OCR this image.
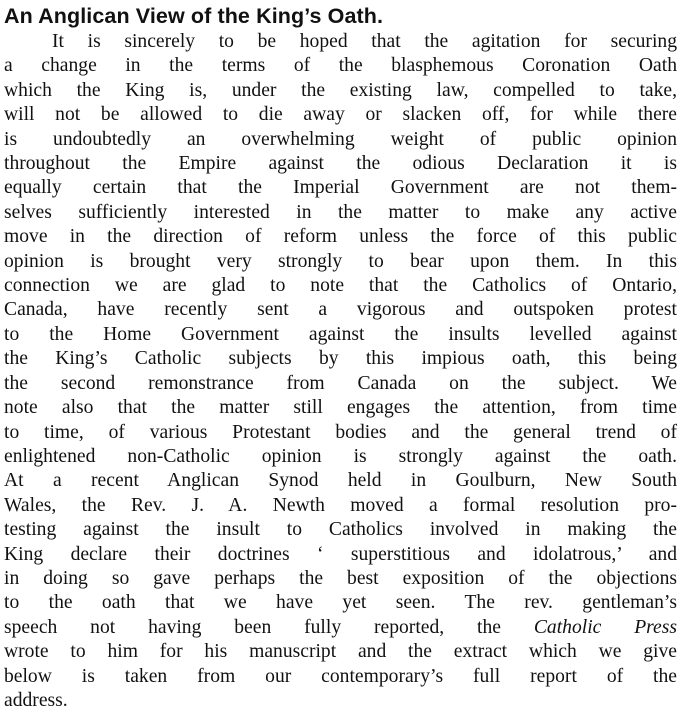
An Anglican View of the King’s Oath.
It is sincerely to be hoped that the agitation for securing
a change in the terms of the blasphemous Coronation Oath
which the King is, under the existing law, compelled to take,
will not be allowed to die away or slacken off, for while there
is undoubtedly an overwhelming weight of public opinion
throughout the Empire against the odious Declaration it is
equally certain that the Imperial Government are not them-
selves sufficiently interested in the matter to make any active
move in the direction of reform unless the force of this public
opinion is brought very strongly to bear upon them. In this
connection we are glad to note that the Catholics of Ontario,
Canada, have recently sent a vigorous and outspoken protest
to the Home Government against the insults levelled against
the King’s Catholic subjects by this impious oath, this being
the second remonstrance from Canada on the subject. We
note also that the matter still engages the attention, from time
to time, of various Protestant bodies and the general trend of
enlightened non-Catholic opinion is strongly against the oath.
At a recent Anglican Synod held in Goulburn, New South
Wales, the Rev. J. A. Newth moved a formal resolution pro-
testing against the insult to Catholics involved in making the
King declare their doctrines ‘ superstitious and idolatrous,’ and
in doing so gave perhaps the best exposition of the objections
to the oath that we have yet seen. The rev. gentleman’s
speech not having been fully reported, the Catholic Press
wrote to him for his manuscript and the extract which we give
below is taken from our contemporary’s full report of the
address.
